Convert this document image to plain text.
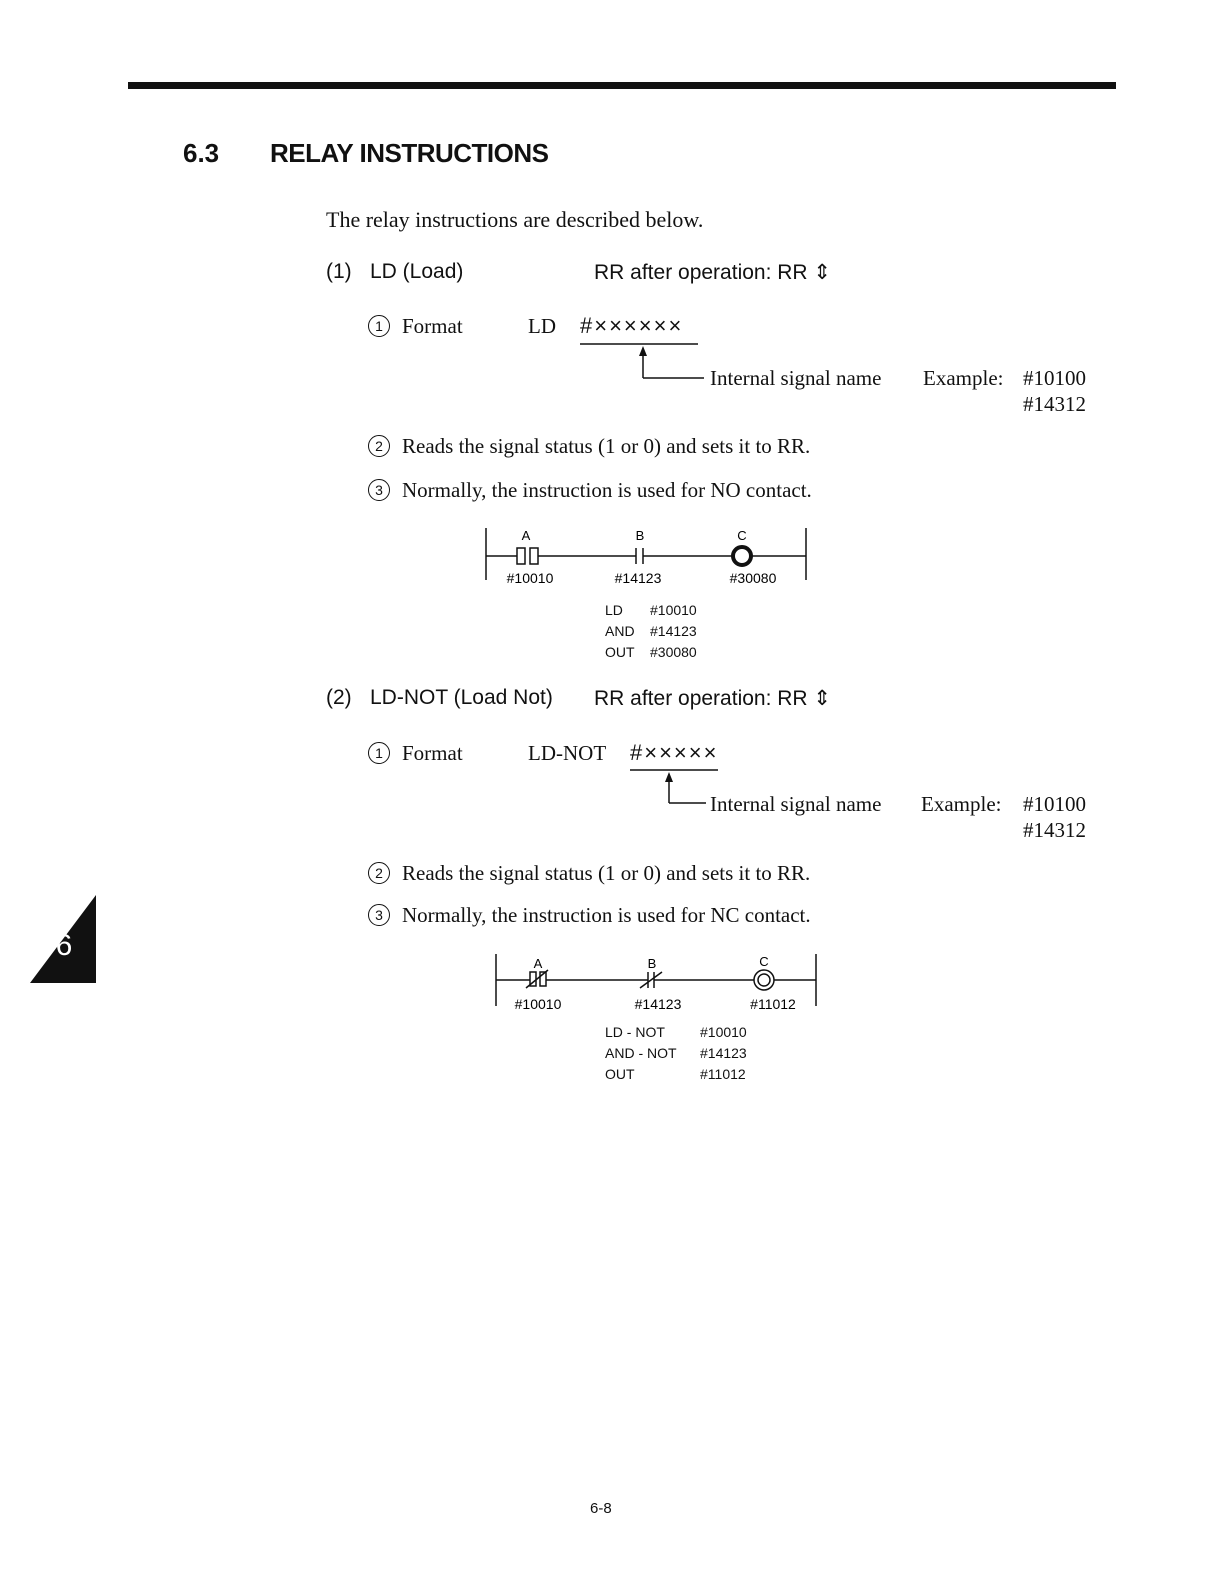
6.3 RELAY INSTRUCTIONS
The relay instructions are described below.
(1) LD (Load)	RR after operation: RR ⇕
1 Format	LD #××××××
Internal signal name Example: #10100
#14312
2 Reads the signal status (1 or 0) and sets it to RR.
3 Normally, the instruction is used for NO contact.
A	B	C
#10010	#14123	#30080
LD #10010
AND #14123
OUT #30080
(2) LD-NOT (Load Not) RR after operation: RR ⇕
1 Format	LD-NOT #×××××
Internal signal name Example:	#10100
#14312
2 Reads the signal status (1 or 0) and sets it to RR.
3 Normally, the instruction is used for NC contact.
A	B	C
#10010	#14123	#11012
LD - NOT	#10010
AND - NOT #14123
OUT	#11012
6
6-8
